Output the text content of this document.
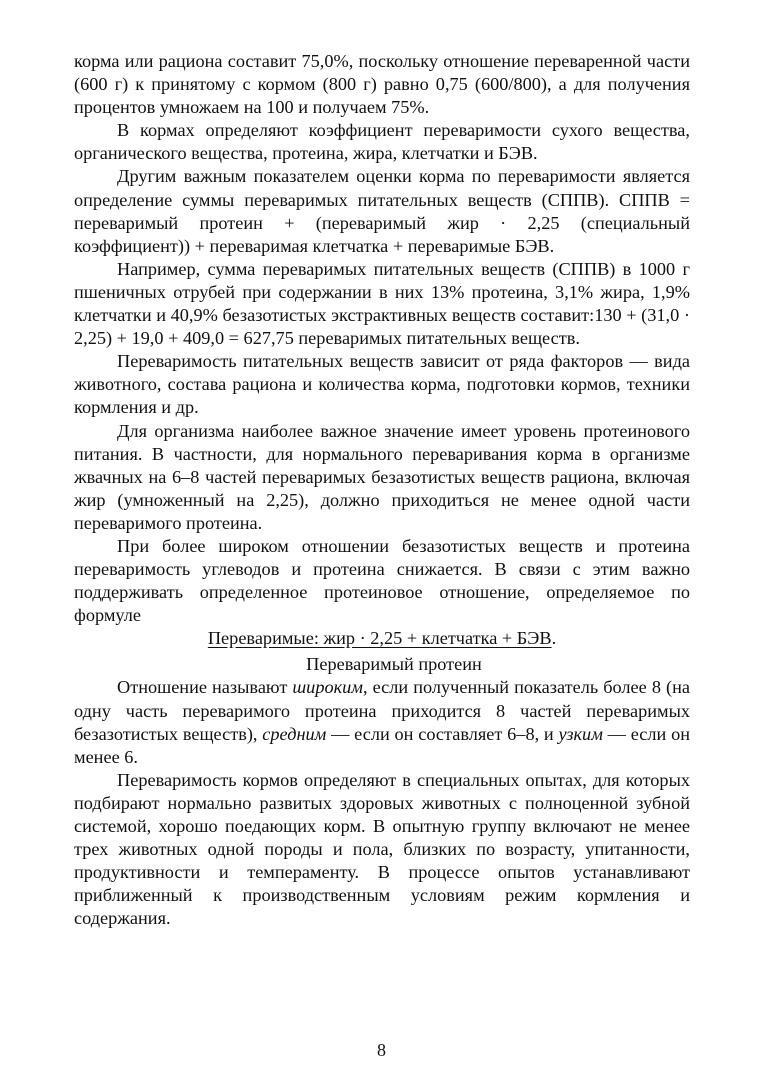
корма или рациона составит 75,0%, поскольку отношение переваренной части (600 г) к принятому с кормом (800 г) равно 0,75 (600/800), а для получения процентов умножаем на 100 и получаем 75%.

В кормах определяют коэффициент переваримости сухого вещества, органического вещества, протеина, жира, клетчатки и БЭВ.

Другим важным показателем оценки корма по переваримости является определение суммы переваримых питательных веществ (СППВ). СППВ = переваримый протеин + (переваримый жир · 2,25 (специальный коэффициент)) + переваримая клетчатка + переваримые БЭВ.

Например, сумма переваримых питательных веществ (СППВ) в 1000 г пшеничных отрубей при содержании в них 13% протеина, 3,1% жира, 1,9% клетчатки и 40,9% безазотистых экстрактивных веществ составит:130 + (31,0 · 2,25) + 19,0 + 409,0 = 627,75 переваримых питательных веществ.

Переваримость питательных веществ зависит от ряда факторов — вида животного, состава рациона и количества корма, подготовки кормов, техники кормления и др.

Для организма наиболее важное значение имеет уровень протеинового питания. В частности, для нормального переваривания корма в организме жвачных на 6–8 частей переваримых безазотистых веществ рациона, включая жир (умноженный на 2,25), должно приходиться не менее одной части переваримого протеина.

При более широком отношении безазотистых веществ и протеина переваримость углеводов и протеина снижается. В связи с этим важно поддерживать определенное протеиновое отношение, определяемое по формуле

Переваримые: жир · 2,25 + клетчатка + БЭВ.
Переваримый протеин

Отношение называют широким, если полученный показатель более 8 (на одну часть переваримого протеина приходится 8 частей переваримых безазотистых веществ), средним — если он составляет 6–8, и узким — если он менее 6.

Переваримость кормов определяют в специальных опытах, для которых подбирают нормально развитых здоровых животных с полноценной зубной системой, хорошо поедающих корм. В опытную группу включают не менее трех животных одной породы и пола, близких по возрасту, упитанности, продуктивности и темпераменту. В процессе опытов устанавливают приближенный к производственным условиям режим кормления и содержания.

8
